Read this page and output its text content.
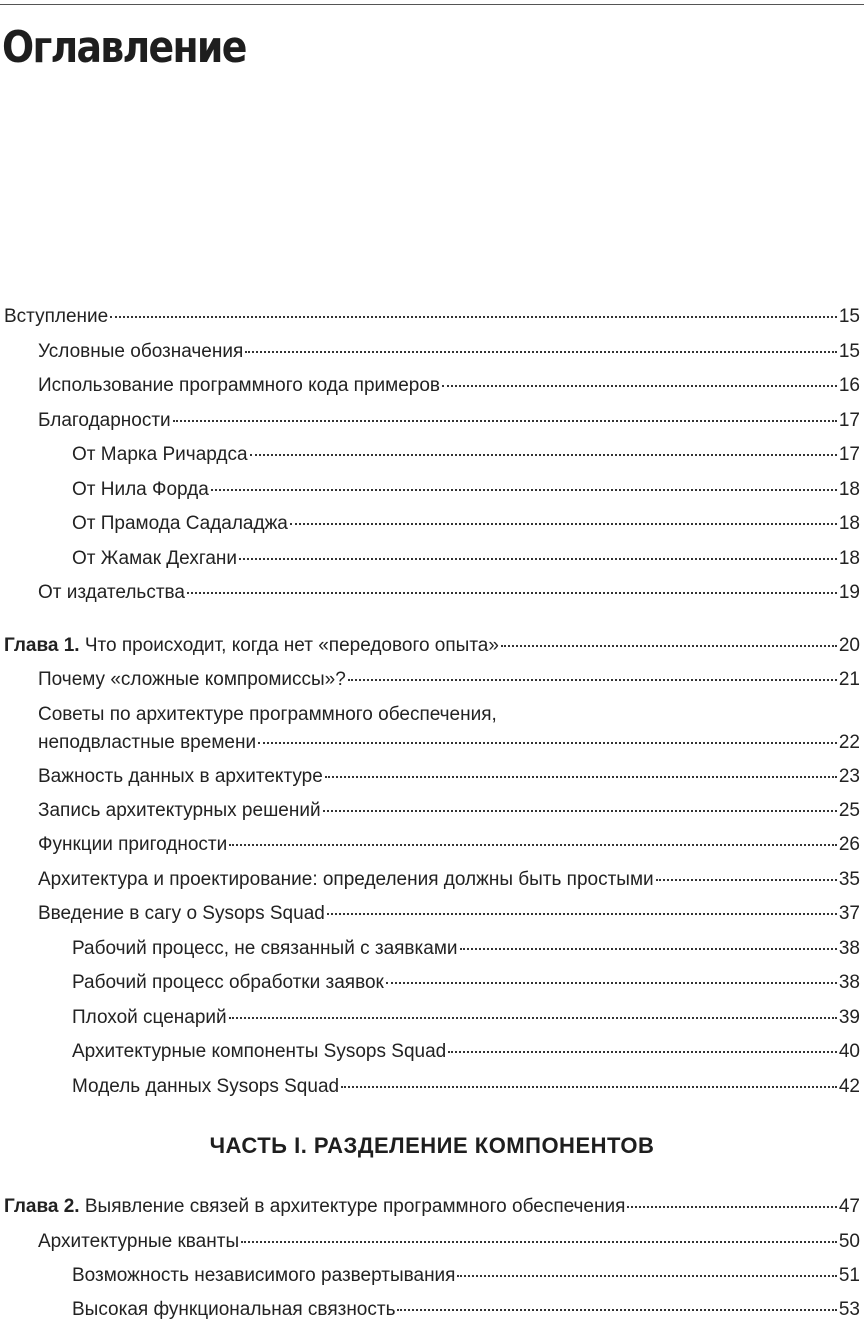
Оглавление
Вступление	15
Условные обозначения	15
Использование программного кода примеров	16
Благодарности	17
От Марка Ричардса	17
От Нила Форда	18
От Прамода Садаладжа	18
От Жамак Дехгани	18
От издательства	19
Глава 1. Что происходит, когда нет «передового опыта»	20
Почему «сложные компромиссы»?	21
Советы по архитектуре программного обеспечения,
неподвластные времени	22
Важность данных в архитектуре	23
Запись архитектурных решений	25
Функции пригодности	26
Архитектура и проектирование: определения должны быть простыми	35
Введение в сагу о Sysops Squad	37
Рабочий процесс, не связанный с заявками	38
Рабочий процесс обработки заявок	38
Плохой сценарий	39
Архитектурные компоненты Sysops Squad	40
Модель данных Sysops Squad	42
ЧАСТЬ I. РАЗДЕЛЕНИЕ КОМПОНЕНТОВ
Глава 2. Выявление связей в архитектуре программного обеспечения	47
Архитектурные кванты	50
Возможность независимого развертывания	51
Высокая функциональная связность	53
